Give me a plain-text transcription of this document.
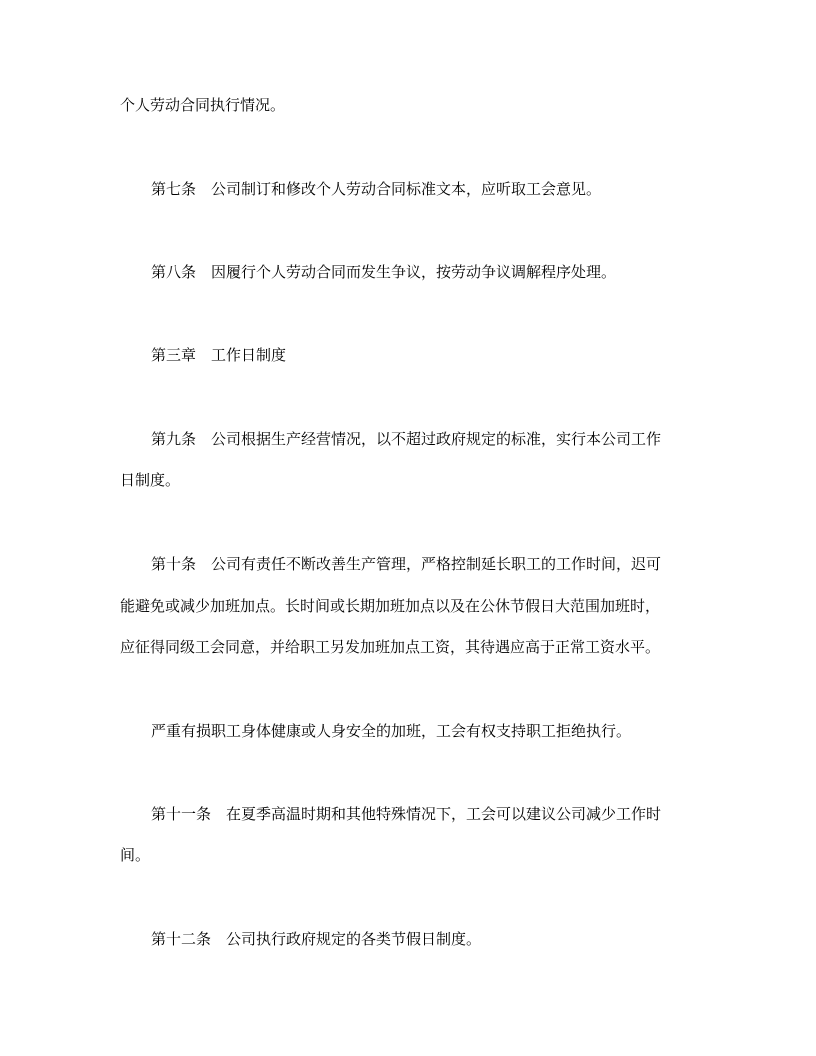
个人劳动合同执行情况。
第七条　公司制订和修改个人劳动合同标准文本，应听取工会意见。
第八条　因履行个人劳动合同而发生争议，按劳动争议调解程序处理。
第三章　工作日制度
第九条　公司根据生产经营情况，以不超过政府规定的标准，实行本公司工作
日制度。
第十条　公司有责任不断改善生产管理，严格控制延长职工的工作时间，迟可
能避免或减少加班加点。长时间或长期加班加点以及在公休节假日大范围加班时，
应征得同级工会同意，并给职工另发加班加点工资，其待遇应高于正常工资水平。
严重有损职工身体健康或人身安全的加班，工会有权支持职工拒绝执行。
第十一条　在夏季高温时期和其他特殊情况下，工会可以建议公司减少工作时
间。
第十二条　公司执行政府规定的各类节假日制度。
